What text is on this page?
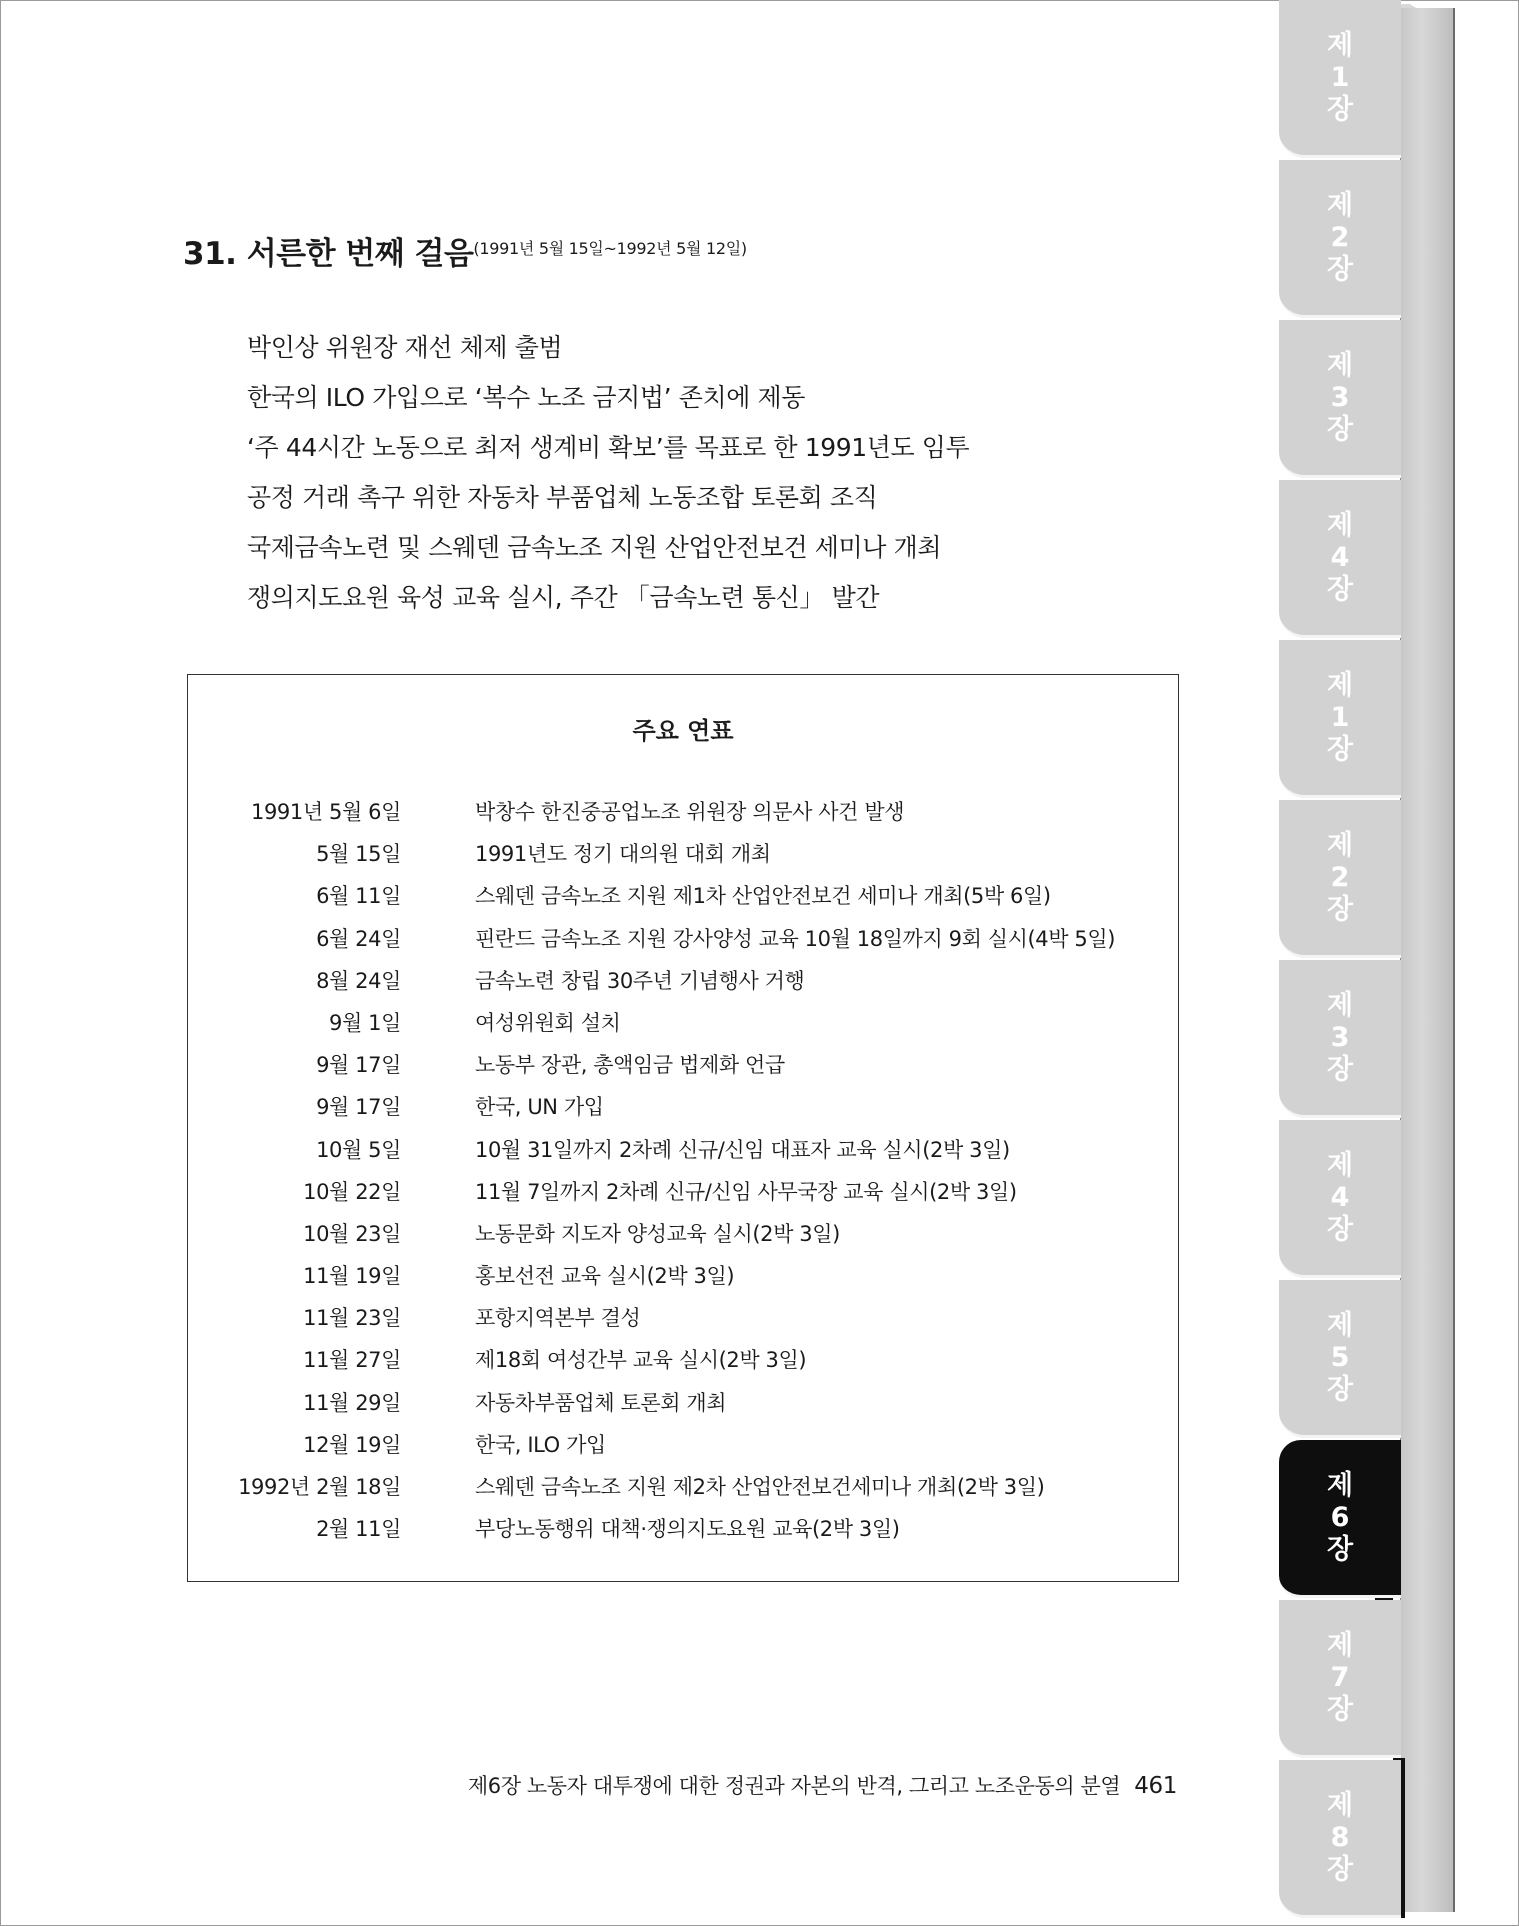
제1장
제2장
제3장
제4장
제1장
제2장
제3장
제4장
제5장
제6장
제7장
제8장
31. 서른한 번째 걸음$^{(1991년 5월 15일\sim 1992년 5월 12일)}$
박인상 위원장 재선 체제 출범
한국의 ILO 가입으로 ‘복수 노조 금지법’ 존치에 제동
‘주 44시간 노동으로 최저 생계비 확보’를 목표로 한 1991년도 임투
공정 거래 촉구 위한 자동차 부품업체 노동조합 토론회 조직
국제금속노련 및 스웨덴 금속노조 지원 산업안전보건 세미나 개최
쟁의지도요원 육성 교육 실시, 주간 「금속노련 통신」 발간
주요 연표
1991년 5월 6일	박창수 한진중공업노조 위원장 의문사 사건 발생
5월 15일	1991년도 정기 대의원 대회 개최
6월 11일	스웨덴 금속노조 지원 제1차 산업안전보건 세미나 개최(5박 6일)
6월 24일	핀란드 금속노조 지원 강사양성 교육 10월 18일까지 9회 실시(4박 5일)
8월 24일	금속노련 창립 30주년 기념행사 거행
9월 1일	여성위원회 설치
9월 17일	노동부 장관, 총액임금 법제화 언급
9월 17일	한국, UN 가입
10월 5일	10월 31일까지 2차례 신규/신임 대표자 교육 실시(2박 3일)
10월 22일	11월 7일까지 2차례 신규/신임 사무국장 교육 실시(2박 3일)
10월 23일	노동문화 지도자 양성교육 실시(2박 3일)
11월 19일	홍보선전 교육 실시(2박 3일)
11월 23일	포항지역본부 결성
11월 27일	제18회 여성간부 교육 실시(2박 3일)
11월 29일	자동차부품업체 토론회 개최
12월 19일	한국, ILO 가입
1992년 2월 18일	스웨덴 금속노조 지원 제2차 산업안전보건세미나 개최(2박 3일)
2월 11일	부당노동행위 대책·쟁의지도요원 교육(2박 3일)
제6장 노동자 대투쟁에 대한 정권과 자본의 반격, 그리고 노조운동의 분열 461
